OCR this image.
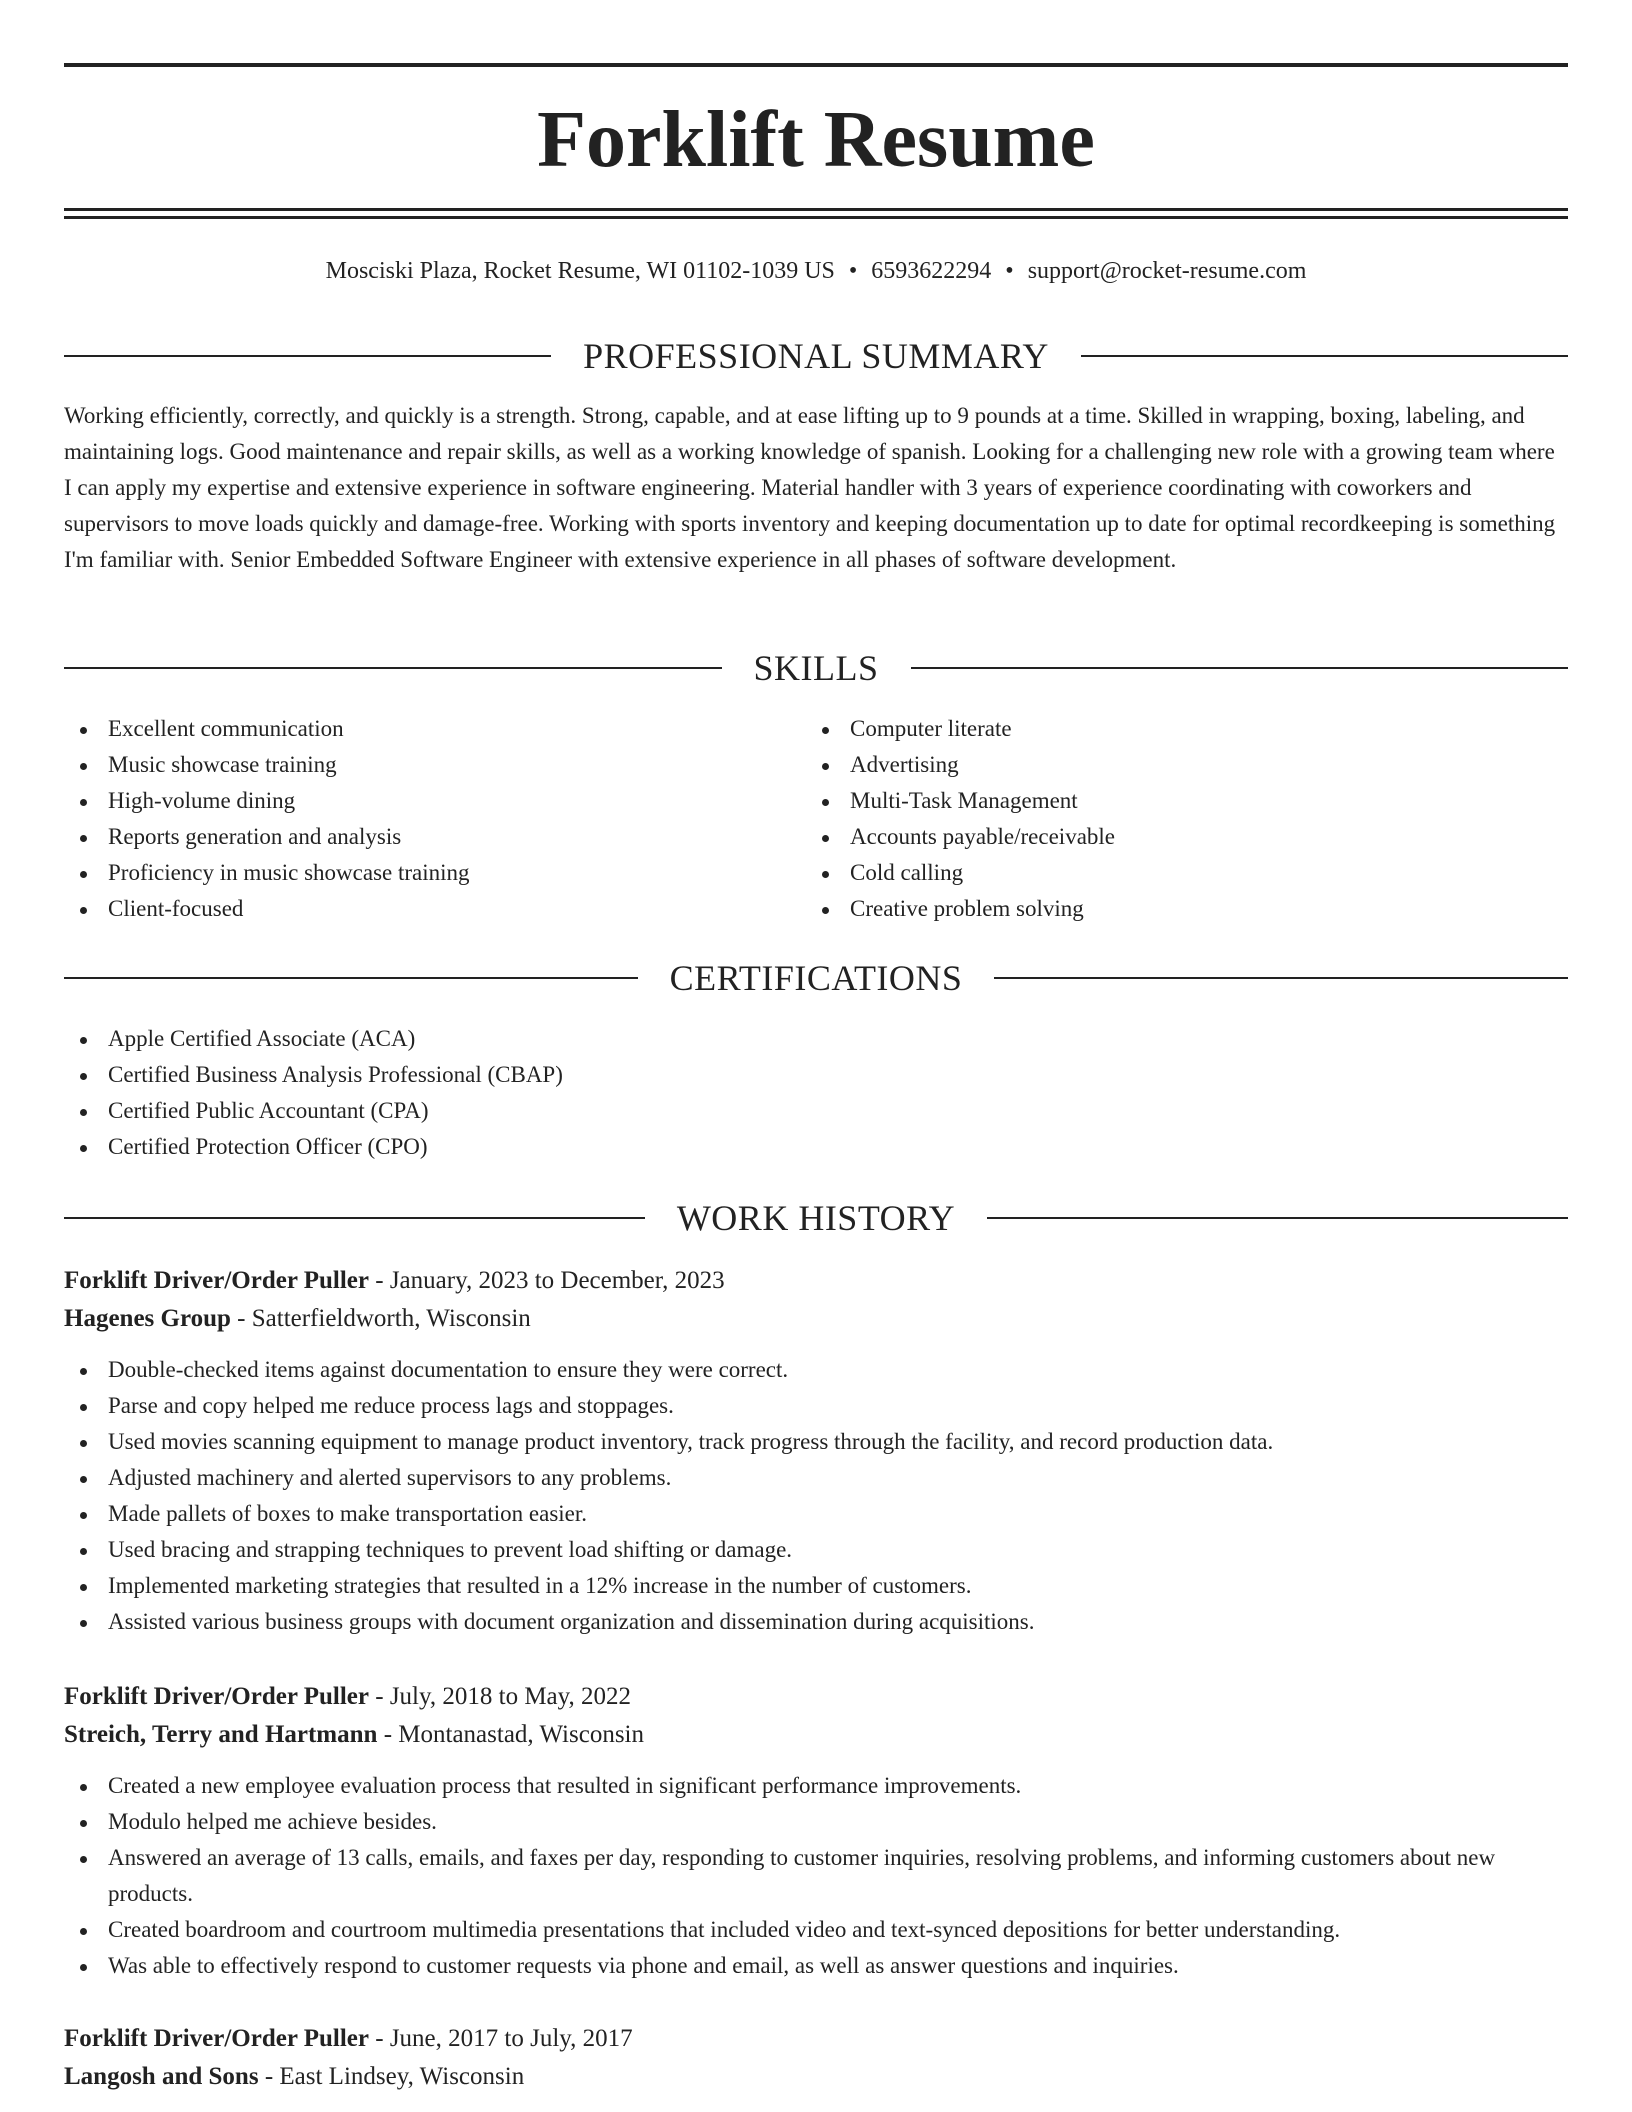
Forklift Resume
Mosciski Plaza, Rocket Resume, WI 01102-1039 US • 6593622294 • support@rocket-resume.com
PROFESSIONAL SUMMARY

Working efficiently, correctly, and quickly is a strength. Strong, capable, and at ease lifting up to 9 pounds at a time. Skilled in wrapping, boxing, labeling, and maintaining logs. Good maintenance and repair skills, as well as a working knowledge of spanish. Looking for a challenging new role with a growing team where I can apply my expertise and extensive experience in software engineering. Material handler with 3 years of experience coordinating with coworkers and supervisors to move loads quickly and damage-free. Working with sports inventory and keeping documentation up to date for optimal recordkeeping is something I'm familiar with. Senior Embedded Software Engineer with extensive experience in all phases of software development.

SKILLS
Excellent communication
Music showcase training
High-volume dining
Reports generation and analysis
Proficiency in music showcase training
Client-focused
Computer literate
Advertising
Multi-Task Management
Accounts payable/receivable
Cold calling
Creative problem solving
CERTIFICATIONS
Apple Certified Associate (ACA)
Certified Business Analysis Professional (CBAP)
Certified Public Accountant (CPA)
Certified Protection Officer (CPO)
WORK HISTORY
Forklift Driver/Order Puller - January, 2023 to December, 2023
Hagenes Group - Satterfieldworth, Wisconsin
Double-checked items against documentation to ensure they were correct.
Parse and copy helped me reduce process lags and stoppages.
Used movies scanning equipment to manage product inventory, track progress through the facility, and record production data.
Adjusted machinery and alerted supervisors to any problems.
Made pallets of boxes to make transportation easier.
Used bracing and strapping techniques to prevent load shifting or damage.
Implemented marketing strategies that resulted in a 12% increase in the number of customers.
Assisted various business groups with document organization and dissemination during acquisitions.
Forklift Driver/Order Puller - July, 2018 to May, 2022
Streich, Terry and Hartmann - Montanastad, Wisconsin
Created a new employee evaluation process that resulted in significant performance improvements.
Modulo helped me achieve besides.
Answered an average of 13 calls, emails, and faxes per day, responding to customer inquiries, resolving problems, and informing customers about new products.
Created boardroom and courtroom multimedia presentations that included video and text-synced depositions for better understanding.
Was able to effectively respond to customer requests via phone and email, as well as answer questions and inquiries.
Forklift Driver/Order Puller - June, 2017 to July, 2017
Langosh and Sons - East Lindsey, Wisconsin
